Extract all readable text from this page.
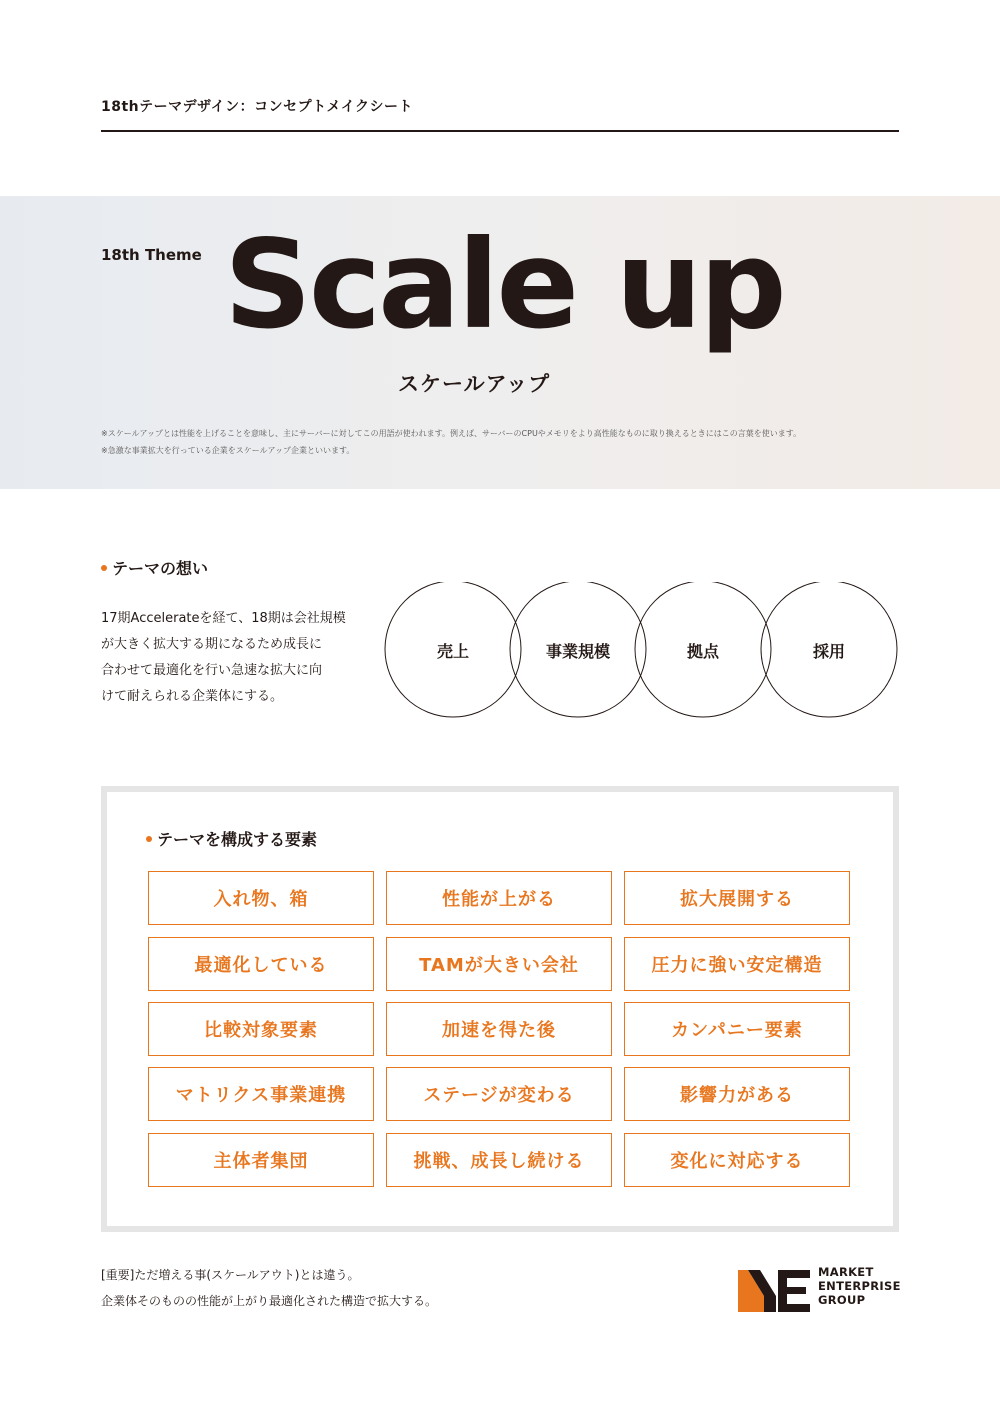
18thテーマデザイン：コンセプトメイクシート
18th Theme Scale up
スケールアップ
※スケールアップとは性能を上げることを意味し、主にサーバーに対してこの用語が使われます。例えば、サーバーのCPUやメモリをより高性能なものに取り換えるときにはこの言葉を使います。
※急激な事業拡大を行っている企業をスケールアップ企業といいます。
テーマの想い
17期Accelerateを経て、18期は会社規模
が大きく拡大する期になるため成長に
合わせて最適化を行い急速な拡大に向
けて耐えられる企業体にする。
売上	事業規模	拠点	採用
テーマを構成する要素
入れ物、箱	性能が上がる	拡大展開する
最適化している	TAMが大きい会社	圧力に強い安定構造
比較対象要素	加速を得た後	カンパニー要素
マトリクス事業連携	ステージが変わる	影響力がある
主体者集団	挑戦、成長し続ける	変化に対応する
[重要]ただ増える事(スケールアウト)とは違う。
企業体そのものの性能が上がり最適化された構造で拡大する。
MARKET
ENTERPRISE
GROUP
